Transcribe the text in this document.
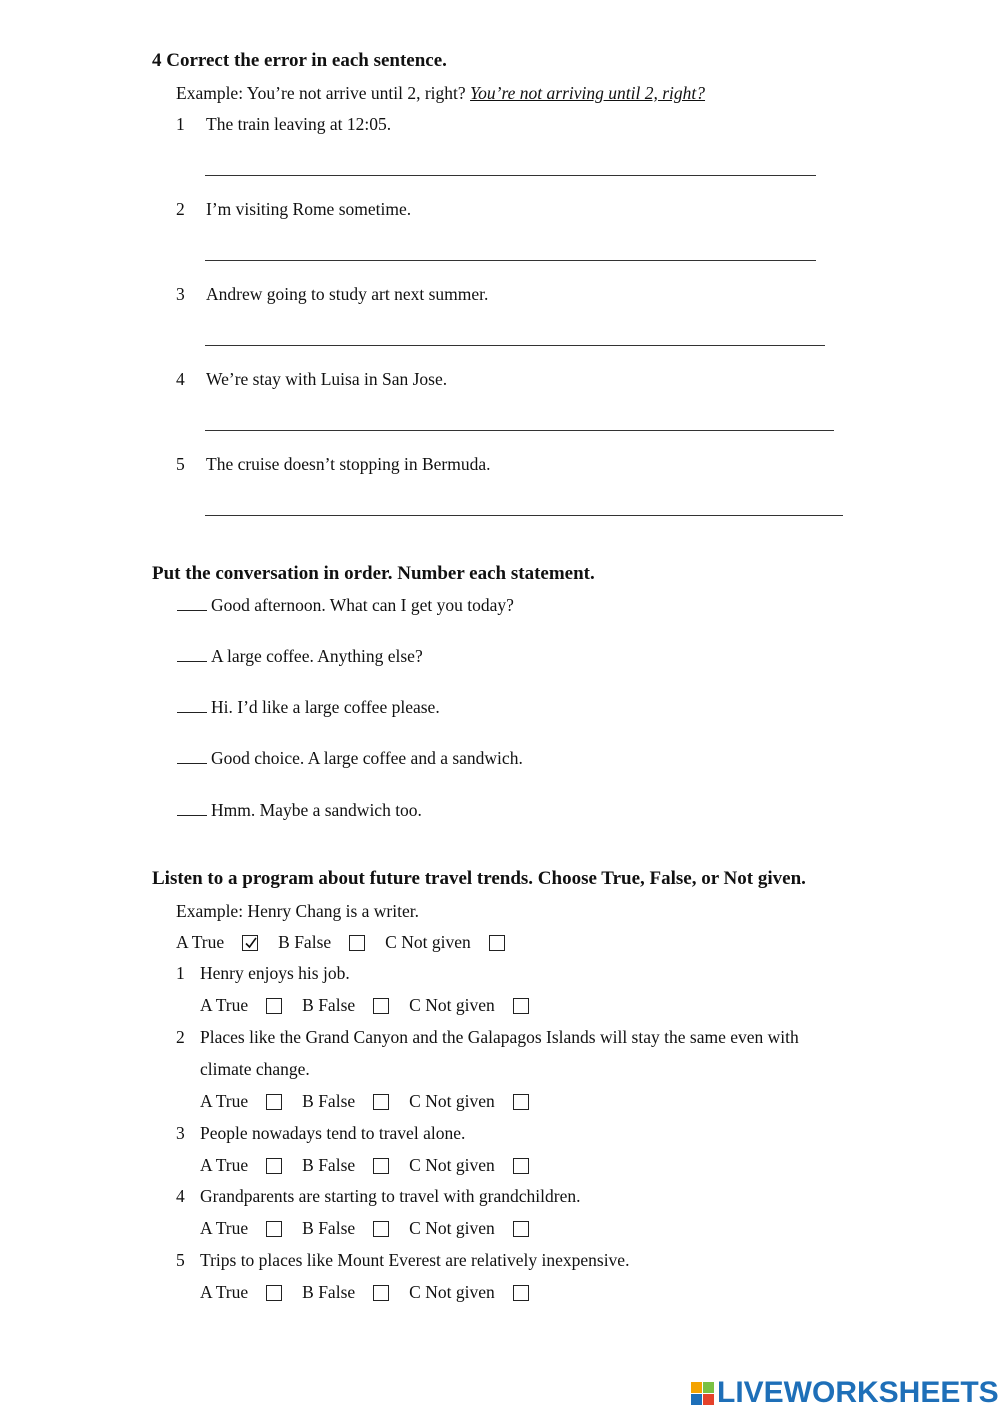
4 Correct the error in each sentence.
Example: You’re not arrive until 2, right? You’re not arriving until 2, right?
1 The train leaving at 12:05.
2 I’m visiting Rome sometime.
3 Andrew going to study art next summer.
4 We’re stay with Luisa in San Jose.
5 The cruise doesn’t stopping in Bermuda.
Put the conversation in order. Number each statement.
Good afternoon. What can I get you today?
A large coffee. Anything else?
Hi. I’d like a large coffee please.
Good choice. A large coffee and a sandwich.
Hmm. Maybe a sandwich too.
Listen to a program about future travel trends. Choose True, False, or Not given.
Example: Henry Chang is a writer.
A True	B False	C Not given
1 Henry enjoys his job.
A True	B False	C Not given
2 Places like the Grand Canyon and the Galapagos Islands will stay the same even with
climate change.
A True	B False	C Not given
3 People nowadays tend to travel alone.
A True	B False	C Not given
4 Grandparents are starting to travel with grandchildren.
A True	B False	C Not given
5 Trips to places like Mount Everest are relatively inexpensive.
A True	B False	C Not given
LIVEWORKSHEETS
